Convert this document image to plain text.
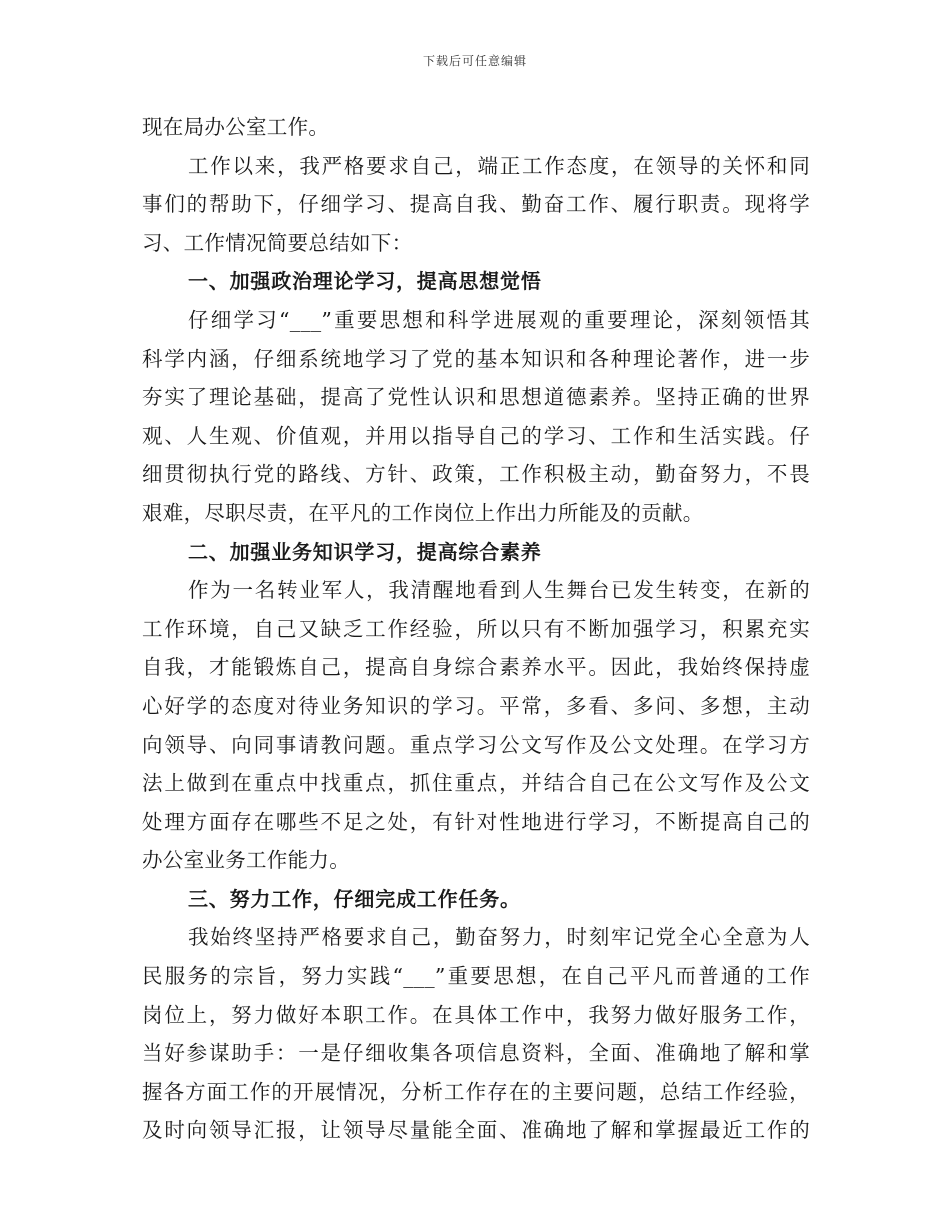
下载后可任意编辑
现在局办公室工作。
工作以来，我严格要求自己，端正工作态度，在领导的关怀和同
事们的帮助下，仔细学习、提高自我、勤奋工作、履行职责。现将学
习、工作情况简要总结如下：
一、加强政治理论学习，提高思想觉悟
仔细学习“___”重要思想和科学进展观的重要理论，深刻领悟其
科学内涵，仔细系统地学习了党的基本知识和各种理论著作，进一步
夯实了理论基础，提高了党性认识和思想道德素养。坚持正确的世界
观、人生观、价值观，并用以指导自己的学习、工作和生活实践。仔
细贯彻执行党的路线、方针、政策，工作积极主动，勤奋努力，不畏
艰难，尽职尽责，在平凡的工作岗位上作出力所能及的贡献。
二、加强业务知识学习，提高综合素养
作为一名转业军人，我清醒地看到人生舞台已发生转变，在新的
工作环境，自己又缺乏工作经验，所以只有不断加强学习，积累充实
自我，才能锻炼自己，提高自身综合素养水平。因此，我始终保持虚
心好学的态度对待业务知识的学习。平常，多看、多问、多想，主动
向领导、向同事请教问题。重点学习公文写作及公文处理。在学习方
法上做到在重点中找重点，抓住重点，并结合自己在公文写作及公文
处理方面存在哪些不足之处，有针对性地进行学习，不断提高自己的
办公室业务工作能力。
三、努力工作，仔细完成工作任务。
我始终坚持严格要求自己，勤奋努力，时刻牢记党全心全意为人
民服务的宗旨，努力实践“___”重要思想，在自己平凡而普通的工作
岗位上，努力做好本职工作。在具体工作中，我努力做好服务工作，
当好参谋助手：一是仔细收集各项信息资料，全面、准确地了解和掌
握各方面工作的开展情况，分析工作存在的主要问题，总结工作经验，
及时向领导汇报，让领导尽量能全面、准确地了解和掌握最近工作的
